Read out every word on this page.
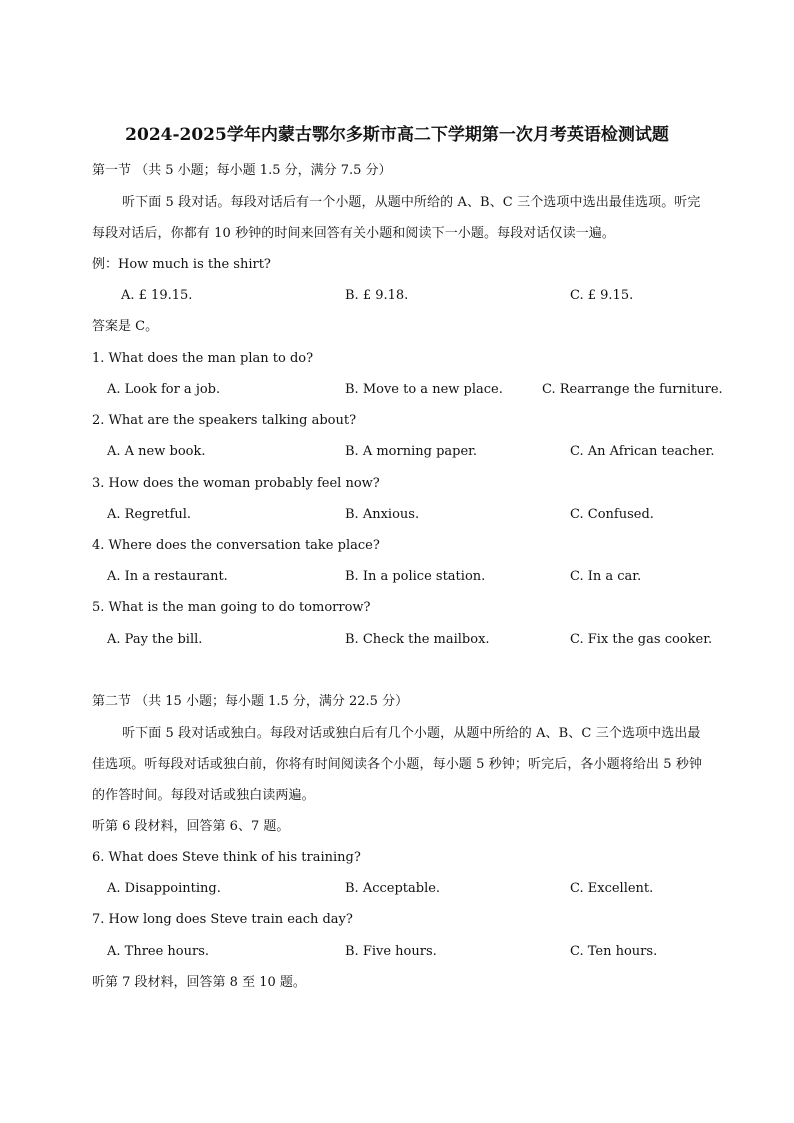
2024-2025学年内蒙古鄂尔多斯市高二下学期第一次月考英语检测试题
第一节 （共 5 小题；每小题 1.5 分，满分 7.5 分）
听下面 5 段对话。每段对话后有一个小题，从题中所给的 A、B、C 三个选项中选出最佳选项。听完每段对话后，你都有 10 秒钟的时间来回答有关小题和阅读下一小题。每段对话仅读一遍。
例：How much is the shirt?
A. £ 19.15.	B. £ 9.18.	C. £ 9.15.
答案是 C。
1. What does the man plan to do?
A. Look for a job.	B. Move to a new place.	C. Rearrange the furniture.
2. What are the speakers talking about?
A. A new book.	B. A morning paper.	C. An African teacher.
3. How does the woman probably feel now?
A. Regretful.	B. Anxious.	C. Confused.
4. Where does the conversation take place?
A. In a restaurant.	B. In a police station.	C. In a car.
5. What is the man going to do tomorrow?
A. Pay the bill.	B. Check the mailbox.	C. Fix the gas cooker.
第二节 （共 15 小题；每小题 1.5 分，满分 22.5 分）
听下面 5 段对话或独白。每段对话或独白后有几个小题，从题中所给的 A、B、C 三个选项中选出最佳选项。听每段对话或独白前，你将有时间阅读各个小题，每小题 5 秒钟；听完后，各小题将给出 5 秒钟的作答时间。每段对话或独白读两遍。
听第 6 段材料，回答第 6、7 题。
6. What does Steve think of his training?
A. Disappointing.	B. Acceptable.	C. Excellent.
7. How long does Steve train each day?
A. Three hours.	B. Five hours.	C. Ten hours.
听第 7 段材料，回答第 8 至 10 题。
